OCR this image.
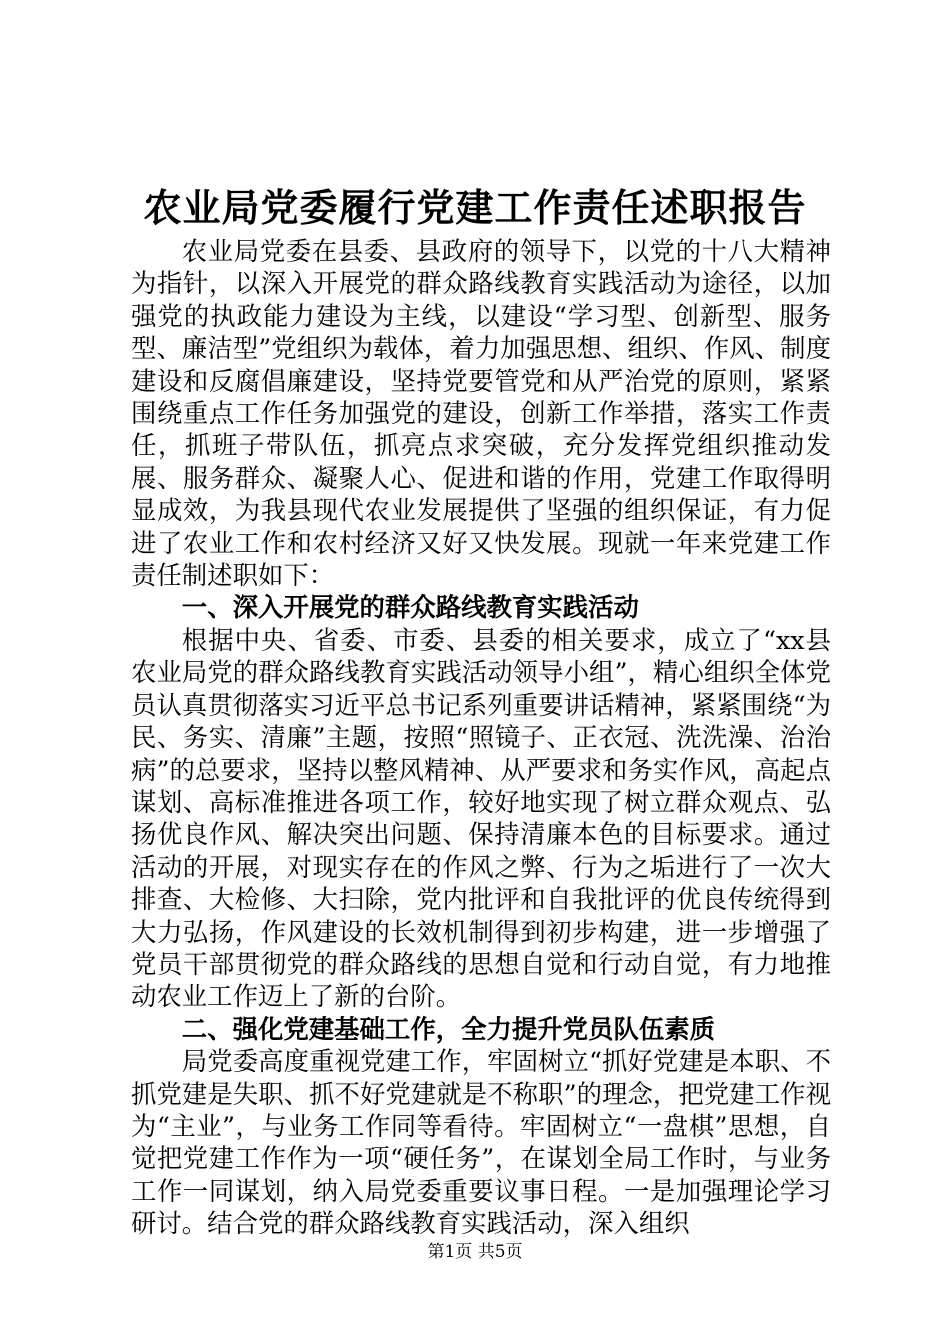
农业局党委履行党建工作责任述职报告

农业局党委在县委、县政府的领导下，以党的十八大精神为指针，以深入开展党的群众路线教育实践活动为途径，以加强党的执政能力建设为主线，以建设“学习型、创新型、服务型、廉洁型”党组织为载体，着力加强思想、组织、作风、制度建设和反腐倡廉建设，坚持党要管党和从严治党的原则，紧紧围绕重点工作任务加强党的建设，创新工作举措，落实工作责任，抓班子带队伍，抓亮点求突破，充分发挥党组织推动发展、服务群众、凝聚人心、促进和谐的作用，党建工作取得明显成效，为我县现代农业发展提供了坚强的组织保证，有力促进了农业工作和农村经济又好又快发展。现就一年来党建工作责任制述职如下：

一、深入开展党的群众路线教育实践活动

根据中央、省委、市委、县委的相关要求，成立了“xx县农业局党的群众路线教育实践活动领导小组”，精心组织全体党员认真贯彻落实习近平总书记系列重要讲话精神，紧紧围绕“为民、务实、清廉”主题，按照“照镜子、正衣冠、洗洗澡、治治病”的总要求，坚持以整风精神、从严要求和务实作风，高起点谋划、高标准推进各项工作，较好地实现了树立群众观点、弘扬优良作风、解决突出问题、保持清廉本色的目标要求。通过活动的开展，对现实存在的作风之弊、行为之垢进行了一次大排查、大检修、大扫除，党内批评和自我批评的优良传统得到大力弘扬，作风建设的长效机制得到初步构建，进一步增强了党员干部贯彻党的群众路线的思想自觉和行动自觉，有力地推动农业工作迈上了新的台阶。

二、强化党建基础工作，全力提升党员队伍素质

局党委高度重视党建工作，牢固树立“抓好党建是本职、不抓党建是失职、抓不好党建就是不称职”的理念，把党建工作视为“主业”，与业务工作同等看待。牢固树立“一盘棋”思想，自觉把党建工作作为一项“硬任务”，在谋划全局工作时，与业务工作一同谋划，纳入局党委重要议事日程。一是加强理论学习研讨。结合党的群众路线教育实践活动，深入组织

第1页 共5页
